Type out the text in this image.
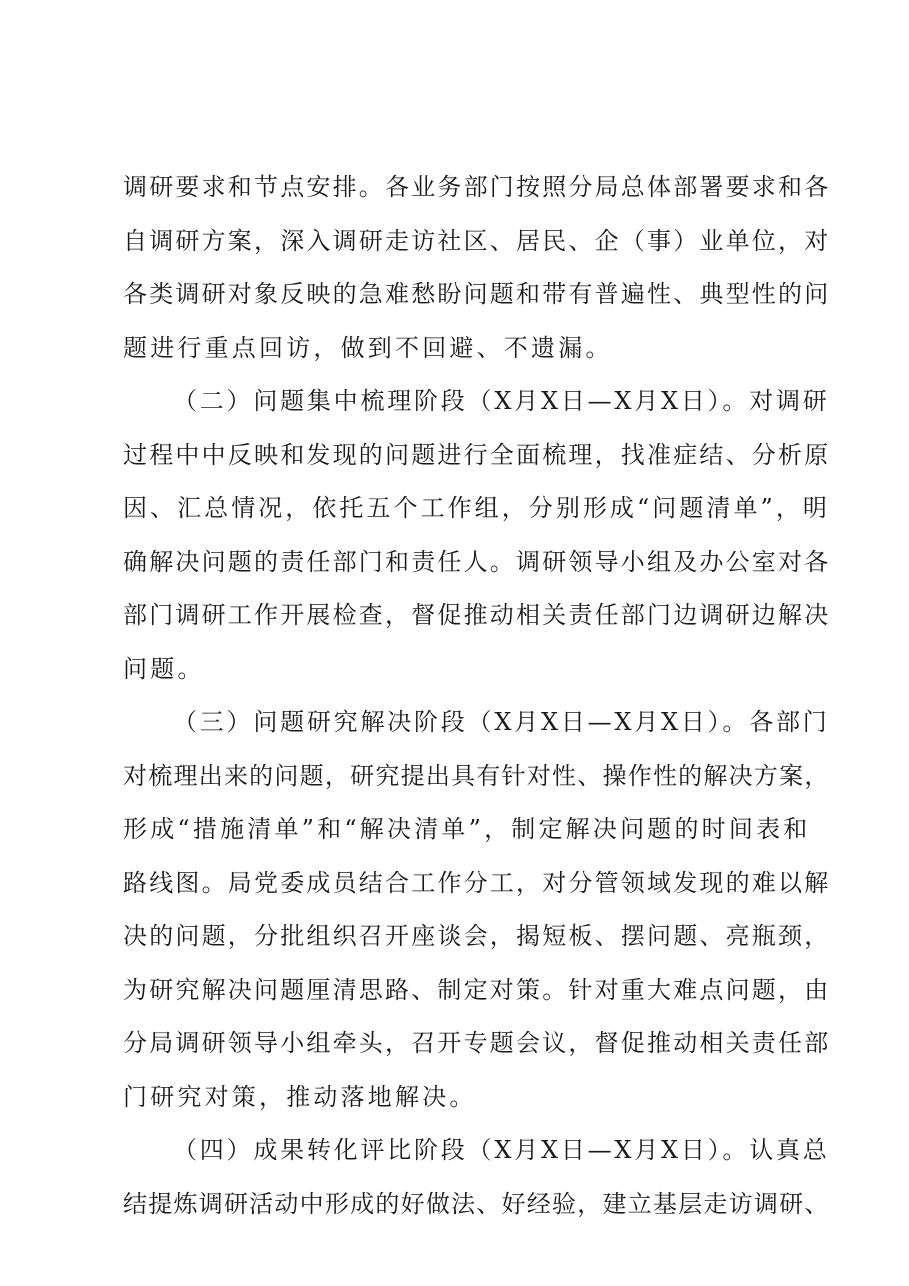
调研要求和节点安排。各业务部门按照分局总体部署要求和各
自调研方案，深入调研走访社区、居民、企（事）业单位，对
各类调研对象反映的急难愁盼问题和带有普遍性、典型性的问
题进行重点回访，做到不回避、不遗漏。
（二）问题集中梳理阶段（X月X日—X月X日）。对调研
过程中中反映和发现的问题进行全面梳理，找准症结、分析原
因、汇总情况，依托五个工作组，分别形成“问题清单”，明
确解决问题的责任部门和责任人。调研领导小组及办公室对各
部门调研工作开展检查，督促推动相关责任部门边调研边解决
问题。
（三）问题研究解决阶段（X月X日—X月X日）。各部门
对梳理出来的问题，研究提出具有针对性、操作性的解决方案，
形成“措施清单”和“解决清单”，制定解决问题的时间表和
路线图。局党委成员结合工作分工，对分管领域发现的难以解
决的问题，分批组织召开座谈会，揭短板、摆问题、亮瓶颈，
为研究解决问题厘清思路、制定对策。针对重大难点问题，由
分局调研领导小组牵头，召开专题会议，督促推动相关责任部
门研究对策，推动落地解决。
（四）成果转化评比阶段（X月X日—X月X日）。认真总
结提炼调研活动中形成的好做法、好经验，建立基层走访调研、
